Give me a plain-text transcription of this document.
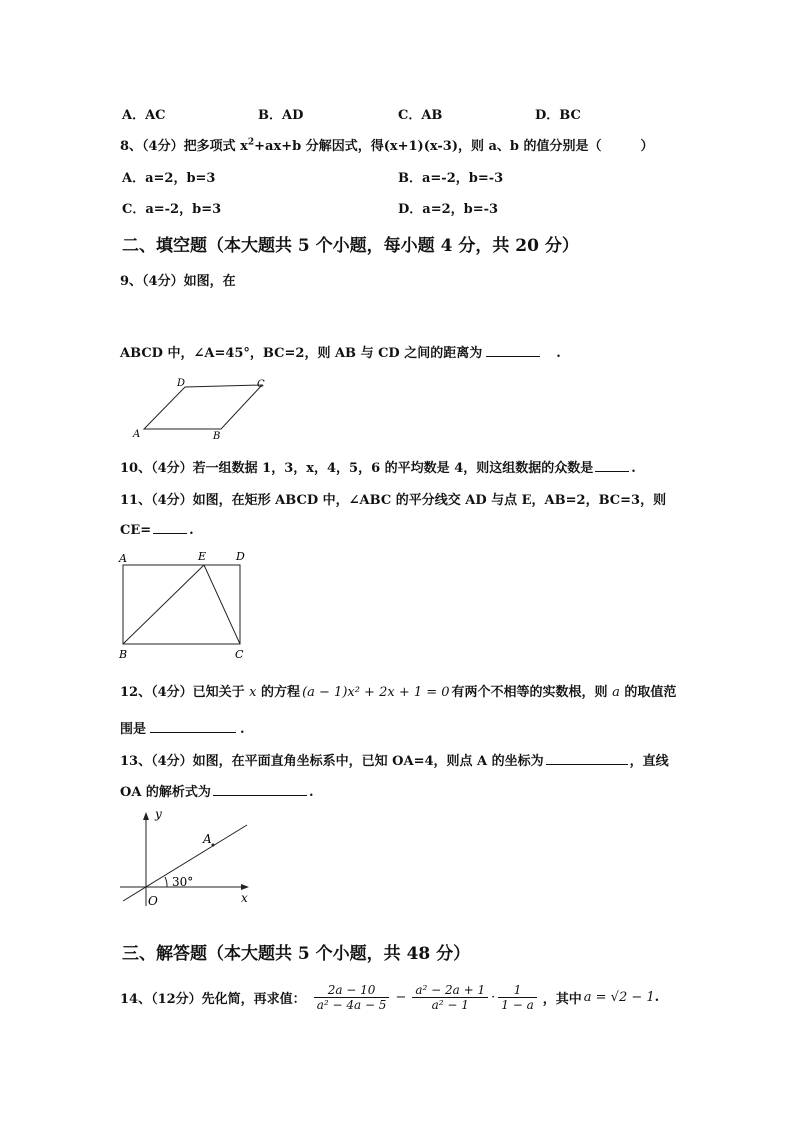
A．AC	B．AD	C．AB	D．BC
8、（4分）把多项式 $x^2+ax+b$ 分解因式，得(x+1)(x-3)，则 a、b 的值分别是（　　　）
A．a=2，b=3	B．a=-2，b=-3
C．a=-2，b=3	D．a=2，b=-3
二、填空题（本大题共 5 个小题，每小题 4 分，共 20 分）
9、（4分）如图，在
ABCD 中，∠A=45°，BC=2，则 AB 与 CD 之间的距离为	.
A	B
C
D
10、（4分）若一组数据 1，3，x，4，5，6 的平均数是 4，则这组数据的众数是	.
11、（4分）如图，在矩形 ABCD 中，∠ABC 的平分线交 AD 与点 E，AB=2，BC=3，则
CE=	.
A	E	D
B	C
12、（4分）已知关于 x 的方程 (a − 1)x² + 2x + 1 = 0 有两个不相等的实数根，则 a 的取值范
围是	.
13、（4分）如图，在平面直角坐标系中，已知 OA=4，则点 A 的坐标为	，直线
OA 的解析式为	.
y
x
O
A
30°
三、解答题（本大题共 5 个小题，共 48 分）
14、（12分）先化简，再求值： $\frac{2a - 10}{\text{a² − 4a − 5}} - \frac{\text{a² − 2a + 1}}{\text{a² − 1}} \cdot \frac{1}{1 - a}$ ，其中 a = √2 − 1 .
